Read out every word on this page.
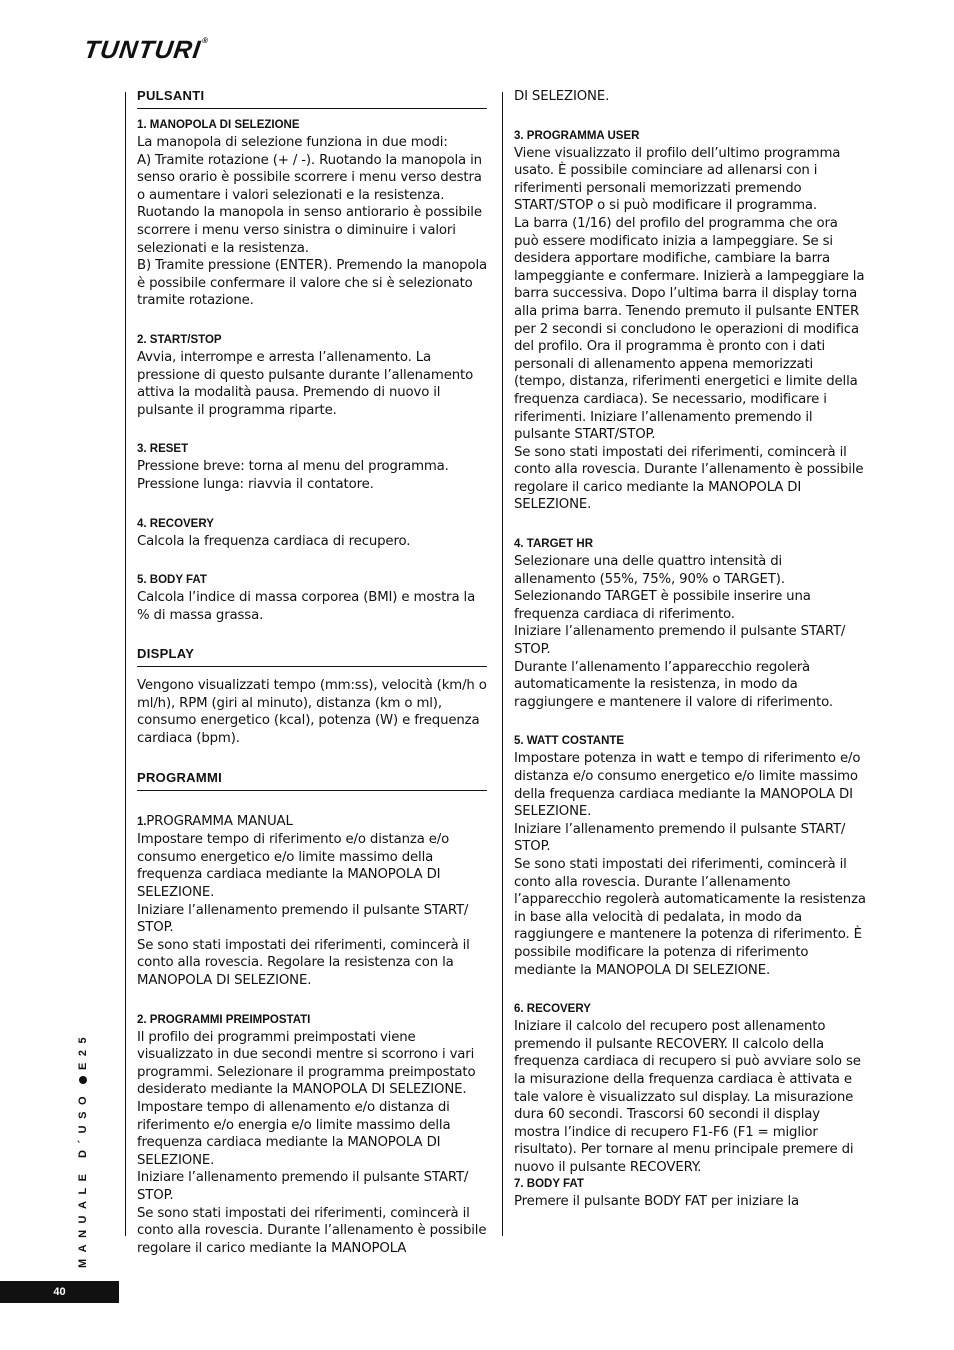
TUNTURI®
PULSANTI

1. MANOPOLA DI SELEZIONE

La manopola di selezione funziona in due modi:
A) Tramite rotazione (+ / -). Ruotando la manopola in senso orario è possibile scorrere i menu verso destra o aumentare i valori selezionati e la resistenza. Ruotando la manopola in senso antiorario è possibile scorrere i menu verso sinistra o diminuire i valori selezionati e la resistenza.
B) Tramite pressione (ENTER). Premendo la manopola è possibile confermare il valore che si è selezionato tramite rotazione.

2. START/STOP

Avvia, interrompe e arresta l’allenamento. La pressione di questo pulsante durante l’allenamento attiva la modalità pausa. Premendo di nuovo il pulsante il programma riparte.

3. RESET

Pressione breve: torna al menu del programma.
Pressione lunga: riavvia il contatore.

4. RECOVERY

Calcola la frequenza cardiaca di recupero.

5. BODY FAT

Calcola l’indice di massa corporea (BMI) e mostra la % di massa grassa.

DISPLAY

Vengono visualizzati tempo (mm:ss), velocità (km/h o ml/h), RPM (giri al minuto), distanza (km o ml), consumo energetico (kcal), potenza (W) e frequenza cardiaca (bpm).

PROGRAMMI

1.PROGRAMMA MANUAL
Impostare tempo di riferimento e/o distanza e/o consumo energetico e/o limite massimo della frequenza cardiaca mediante la MANOPOLA DI SELEZIONE.
Iniziare l’allenamento premendo il pulsante START/
STOP.
Se sono stati impostati dei riferimenti, comincerà il conto alla rovescia. Regolare la resistenza con la MANOPOLA DI SELEZIONE.

2. PROGRAMMI PREIMPOSTATI

Il profilo dei programmi preimpostati viene visualizzato in due secondi mentre si scorrono i vari programmi. Selezionare il programma preimpostato desiderato mediante la MANOPOLA DI SELEZIONE.
Impostare tempo di allenamento e/o distanza di riferimento e/o energia e/o limite massimo della frequenza cardiaca mediante la MANOPOLA DI SELEZIONE.
Iniziare l’allenamento premendo il pulsante START/
STOP.
Se sono stati impostati dei riferimenti, comincerà il conto alla rovescia. Durante l’allenamento è possibile regolare il carico mediante la MANOPOLA

DI SELEZIONE.

3. PROGRAMMA USER

Viene visualizzato il profilo dell’ultimo programma usato. È possibile cominciare ad allenarsi con i riferimenti personali memorizzati premendo START/STOP o si può modificare il programma.
La barra (1/16) del profilo del programma che ora può essere modificato inizia a lampeggiare. Se si desidera apportare modifiche, cambiare la barra lampeggiante e confermare. Inizierà a lampeggiare la barra successiva. Dopo l’ultima barra il display torna alla prima barra. Tenendo premuto il pulsante ENTER per 2 secondi si concludono le operazioni di modifica del profilo. Ora il programma è pronto con i dati personali di allenamento appena memorizzati (tempo, distanza, riferimenti energetici e limite della frequenza cardiaca). Se necessario, modificare i riferimenti. Iniziare l’allenamento premendo il pulsante START/STOP.
Se sono stati impostati dei riferimenti, comincerà il conto alla rovescia. Durante l’allenamento è possibile regolare il carico mediante la MANOPOLA DI SELEZIONE.

4. TARGET HR

Selezionare una delle quattro intensità di allenamento (55%, 75%, 90% o TARGET). Selezionando TARGET è possibile inserire una frequenza cardiaca di riferimento.
Iniziare l’allenamento premendo il pulsante START/
STOP.
Durante l’allenamento l’apparecchio regolerà automaticamente la resistenza, in modo da raggiungere e mantenere il valore di riferimento.

5. WATT COSTANTE

Impostare potenza in watt e tempo di riferimento e/o distanza e/o consumo energetico e/o limite massimo della frequenza cardiaca mediante la MANOPOLA DI SELEZIONE.
Iniziare l’allenamento premendo il pulsante START/
STOP.
Se sono stati impostati dei riferimenti, comincerà il conto alla rovescia. Durante l’allenamento l’apparecchio regolerà automaticamente la resistenza in base alla velocità di pedalata, in modo da raggiungere e mantenere la potenza di riferimento. È possibile modificare la potenza di riferimento mediante la MANOPOLA DI SELEZIONE.

6. RECOVERY

Iniziare il calcolo del recupero post allenamento premendo il pulsante RECOVERY. Il calcolo della frequenza cardiaca di recupero si può avviare solo se la misurazione della frequenza cardiaca è attivata e tale valore è visualizzato sul display. La misurazione dura 60 secondi. Trascorsi 60 secondi il display mostra l’indice di recupero F1-F6 (F1 = miglior risultato). Per tornare al menu principale premere di nuovo il pulsante RECOVERY.

7. BODY FAT

Premere il pulsante BODY FAT per iniziare la

MANUALE D´USOE25
40
